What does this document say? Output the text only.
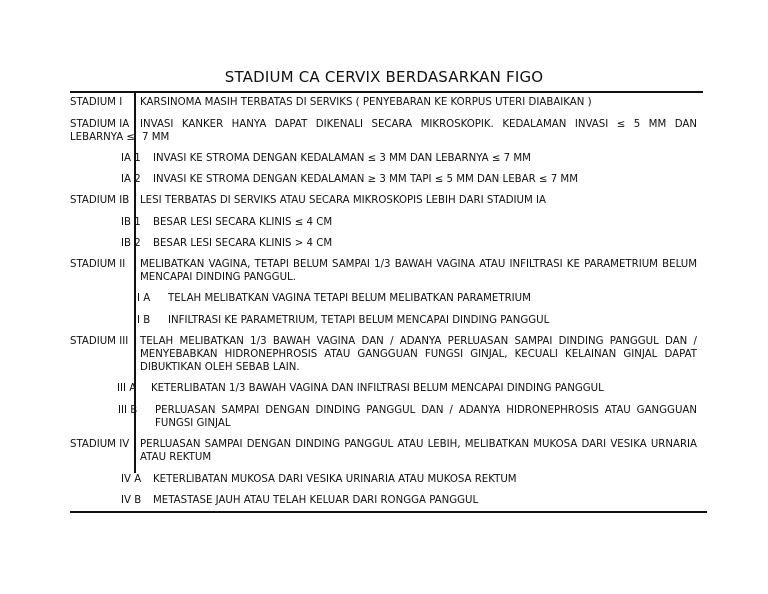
STADIUM CA CERVIX BERDASARKAN FIGO
STADIUM I KARSINOMA MASIH TERBATAS DI SERVIKS ( PENYEBARAN KE KORPUS UTERI DIABAIKAN )
STADIUM IA INVASI KANKER HANYA DAPAT DIKENALI SECARA MIKROSKOPIK. KEDALAMAN INVASI ≤ 5 MM DAN
LEBARNYA ≤ 7 MM
IA 1 INVASI KE STROMA DENGAN KEDALAMAN ≤ 3 MM DAN LEBARNYA ≤ 7 MM
IA 2 INVASI KE STROMA DENGAN KEDALAMAN ≥ 3 MM TAPI ≤ 5 MM DAN LEBAR ≤ 7 MM
STADIUM IB LESI TERBATAS DI SERVIKS ATAU SECARA MIKROSKOPIS LEBIH DARI STADIUM IA
IB 1 BESAR LESI SECARA KLINIS ≤ 4 CM
IB 2 BESAR LESI SECARA KLINIS > 4 CM
STADIUM II MELIBATKAN VAGINA, TETAPI BELUM SAMPAI 1/3 BAWAH VAGINA ATAU INFILTRASI KE PARAMETRIUM BELUM MENCAPAI DINDING PANGGUL.
I A TELAH MELIBATKAN VAGINA TETAPI BELUM MELIBATKAN PARAMETRIUM
I B INFILTRASI KE PARAMETRIUM, TETAPI BELUM MENCAPAI DINDING PANGGUL
STADIUM III TELAH MELIBATKAN 1/3 BAWAH VAGINA DAN / ADANYA PERLUASAN SAMPAI DINDING PANGGUL DAN / MENYEBABKAN HIDRONEPHROSIS ATAU GANGGUAN FUNGSI GINJAL, KECUALI KELAINAN GINJAL DAPAT DIBUKTIKAN OLEH SEBAB LAIN.
III A KETERLIBATAN 1/3 BAWAH VAGINA DAN INFILTRASI BELUM MENCAPAI DINDING PANGGUL
III B PERLUASAN SAMPAI DENGAN DINDING PANGGUL DAN / ADANYA HIDRONEPHROSIS ATAU GANGGUAN FUNGSI GINJAL
STADIUM IV PERLUASAN SAMPAI DENGAN DINDING PANGGUL ATAU LEBIH, MELIBATKAN MUKOSA DARI VESIKA URNARIA ATAU REKTUM
IV A KETERLIBATAN MUKOSA DARI VESIKA URINARIA ATAU MUKOSA REKTUM
IV B METASTASE JAUH ATAU TELAH KELUAR DARI RONGGA PANGGUL
